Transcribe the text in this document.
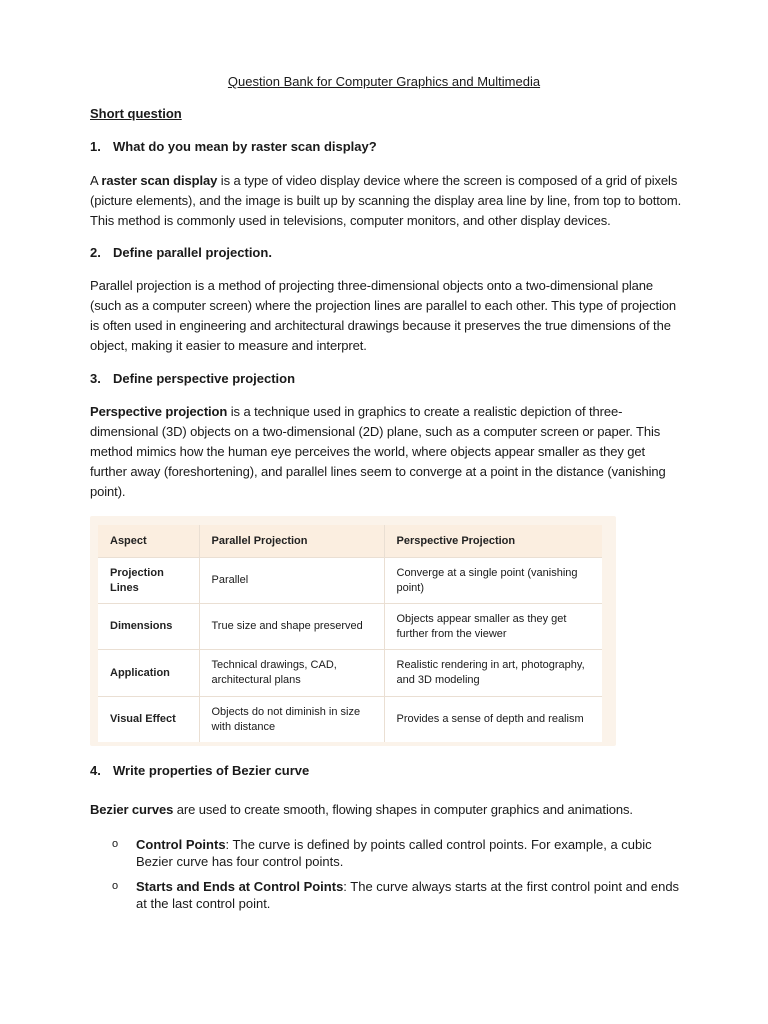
Question Bank for Computer Graphics and Multimedia
Short question
1. What do you mean by raster scan display?
A raster scan display is a type of video display device where the screen is composed of a grid of pixels (picture elements), and the image is built up by scanning the display area line by line, from top to bottom. This method is commonly used in televisions, computer monitors, and other display devices.
2. Define parallel projection.
Parallel projection is a method of projecting three-dimensional objects onto a two-dimensional plane (such as a computer screen) where the projection lines are parallel to each other. This type of projection is often used in engineering and architectural drawings because it preserves the true dimensions of the object, making it easier to measure and interpret.
3. Define perspective projection
Perspective projection is a technique used in graphics to create a realistic depiction of three-dimensional (3D) objects on a two-dimensional (2D) plane, such as a computer screen or paper. This method mimics how the human eye perceives the world, where objects appear smaller as they get further away (foreshortening), and parallel lines seem to converge at a point in the distance (vanishing point).
Aspect	Parallel Projection	Perspective Projection
Projection Lines	Parallel	Converge at a single point (vanishing point)
Dimensions	True size and shape preserved	Objects appear smaller as they get further from the viewer
Application	Technical drawings, CAD, architectural plans	Realistic rendering in art, photography, and 3D modeling
Visual Effect	Objects do not diminish in size with distance	Provides a sense of depth and realism
4. Write properties of Bezier curve
Bezier curves are used to create smooth, flowing shapes in computer graphics and animations.
o Control Points: The curve is defined by points called control points. For example, a cubic Bezier curve has four control points.
o Starts and Ends at Control Points: The curve always starts at the first control point and ends at the last control point.
